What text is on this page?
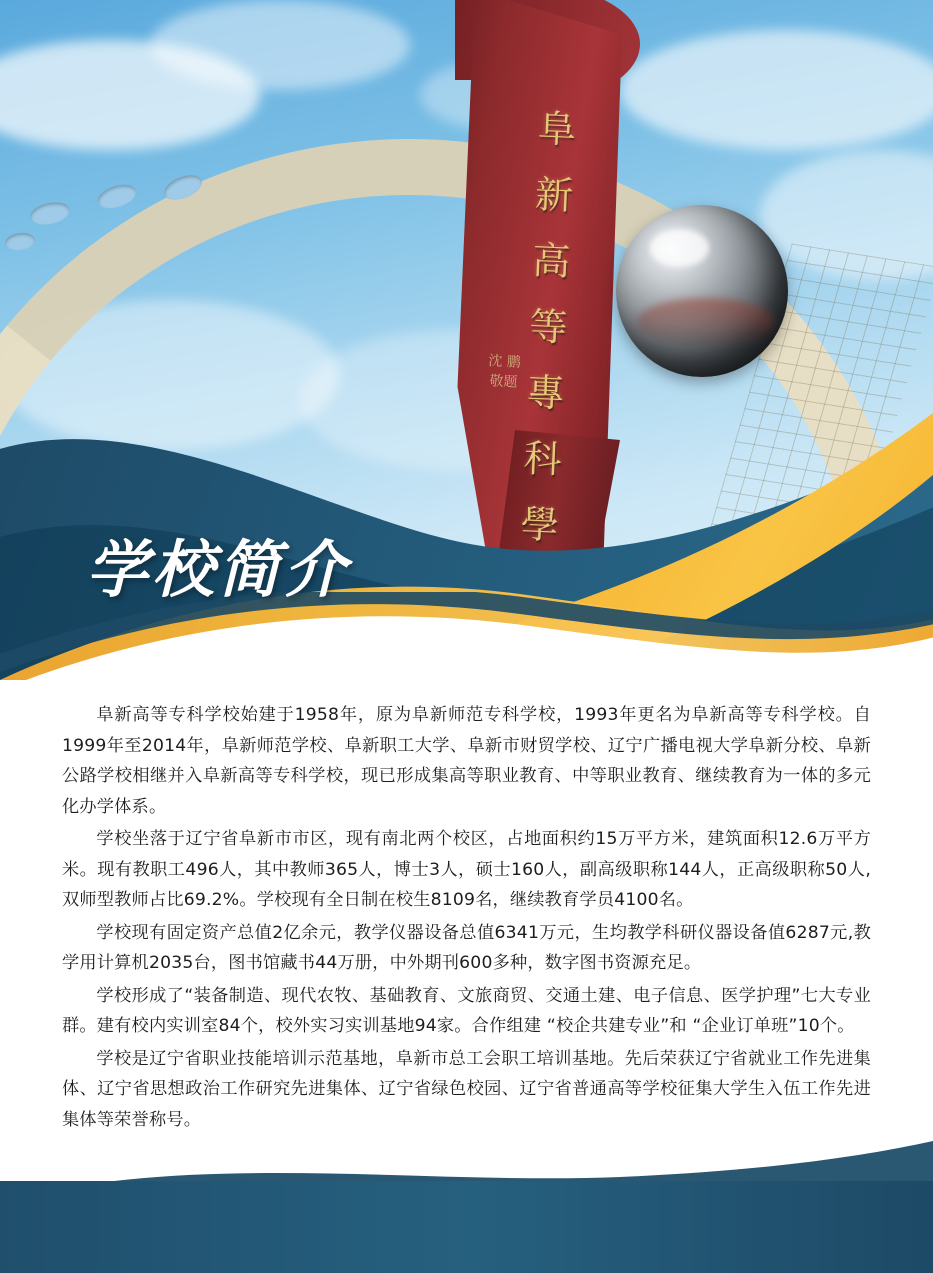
阜
新
高
等
專
科
學
沈 鹏 敬题
学校简介

阜新高等专科学校始建于1958年，原为阜新师范专科学校，1993年更名为阜新高等专科学校。自1999年至2014年，阜新师范学校、阜新职工大学、阜新市财贸学校、辽宁广播电视大学阜新分校、阜新公路学校相继并入阜新高等专科学校，现已形成集高等职业教育、中等职业教育、继续教育为一体的多元化办学体系。

学校坐落于辽宁省阜新市市区，现有南北两个校区，占地面积约15万平方米，建筑面积12.6万平方米。现有教职工496人，其中教师365人，博士3人，硕士160人，副高级职称144人，正高级职称50人,双师型教师占比69.2%。学校现有全日制在校生8109名，继续教育学员4100名。

学校现有固定资产总值2亿余元，教学仪器设备总值6341万元，生均教学科研仪器设备值6287元,教学用计算机2035台，图书馆藏书44万册，中外期刊600多种，数字图书资源充足。

学校形成了“装备制造、现代农牧、基础教育、文旅商贸、交通土建、电子信息、医学护理”七大专业群。建有校内实训室84个，校外实习实训基地94家。合作组建 “校企共建专业”和 “企业订单班”10个。

学校是辽宁省职业技能培训示范基地，阜新市总工会职工培训基地。先后荣获辽宁省就业工作先进集体、辽宁省思想政治工作研究先进集体、辽宁省绿色校园、辽宁省普通高等学校征集大学生入伍工作先进集体等荣誉称号。
